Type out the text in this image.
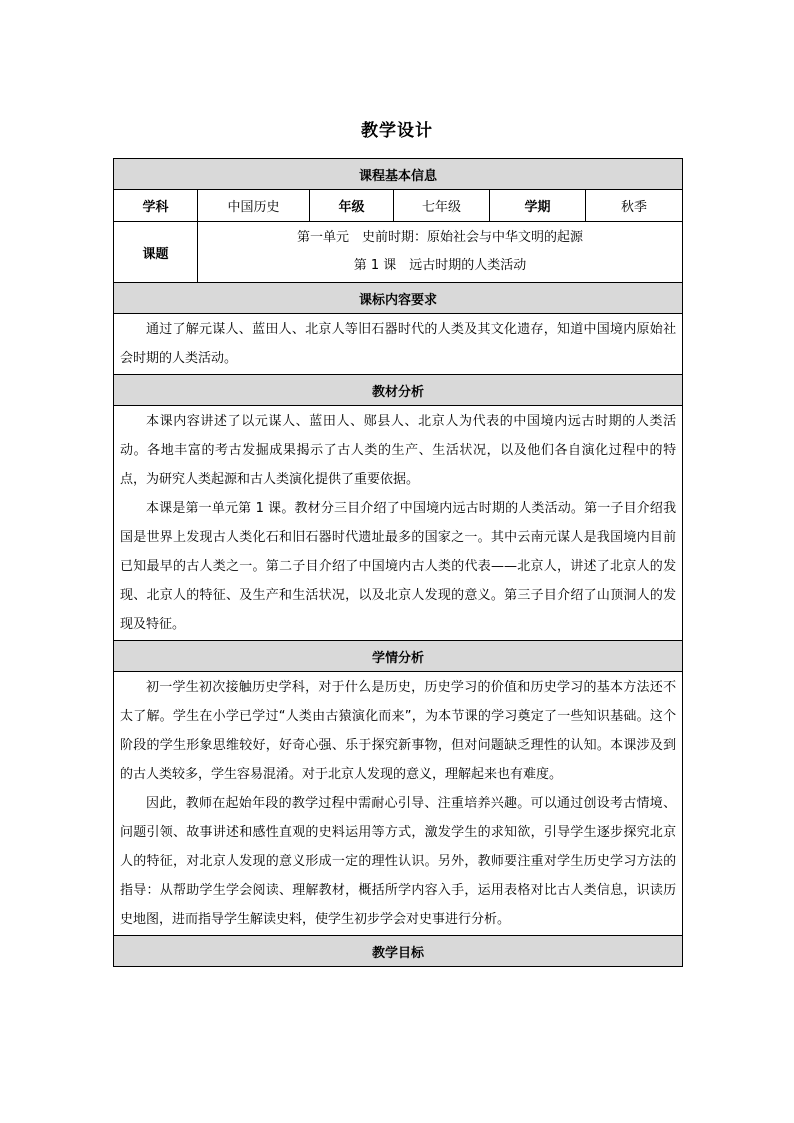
教学设计
课程基本信息					
学科	中国历史	年级	七年级	学期	秋季
课题	第一单元　史前时期：原始社会与中华文明的起源
第 1 课　远古时期的人类活动				

课标内容要求					

通过了解元谋人、蓝田人、北京人等旧石器时代的人类及其文化遗存，知道中国境内原始社会时期的人类活动。					

教材分析					

本课内容讲述了以元谋人、蓝田人、郧县人、北京人为代表的中国境内远古时期的人类活动。各地丰富的考古发掘成果揭示了古人类的生产、生活状况，以及他们各自演化过程中的特点，为研究人类起源和古人类演化提供了重要依据。

本课是第一单元第 1 课。教材分三目介绍了中国境内远古时期的人类活动。第一子目介绍我国是世界上发现古人类化石和旧石器时代遗址最多的国家之一。其中云南元谋人是我国境内目前已知最早的古人类之一。第二子目介绍了中国境内古人类的代表——北京人，讲述了北京人的发现、北京人的特征、及生产和生活状况，以及北京人发现的意义。第三子目介绍了山顶洞人的发现及特征。					

学情分析					

初一学生初次接触历史学科，对于什么是历史，历史学习的价值和历史学习的基本方法还不太了解。学生在小学已学过“人类由古猿演化而来”，为本节课的学习奠定了一些知识基础。这个阶段的学生形象思维较好，好奇心强、乐于探究新事物，但对问题缺乏理性的认知。本课涉及到的古人类较多，学生容易混淆。对于北京人发现的意义，理解起来也有难度。

因此，教师在起始年段的教学过程中需耐心引导、注重培养兴趣。可以通过创设考古情境、问题引领、故事讲述和感性直观的史料运用等方式，激发学生的求知欲，引导学生逐步探究北京人的特征，对北京人发现的意义形成一定的理性认识。另外，教师要注重对学生历史学习方法的指导：从帮助学生学会阅读、理解教材，概括所学内容入手，运用表格对比古人类信息，识读历史地图，进而指导学生解读史料，使学生初步学会对史事进行分析。					

教学目标					
